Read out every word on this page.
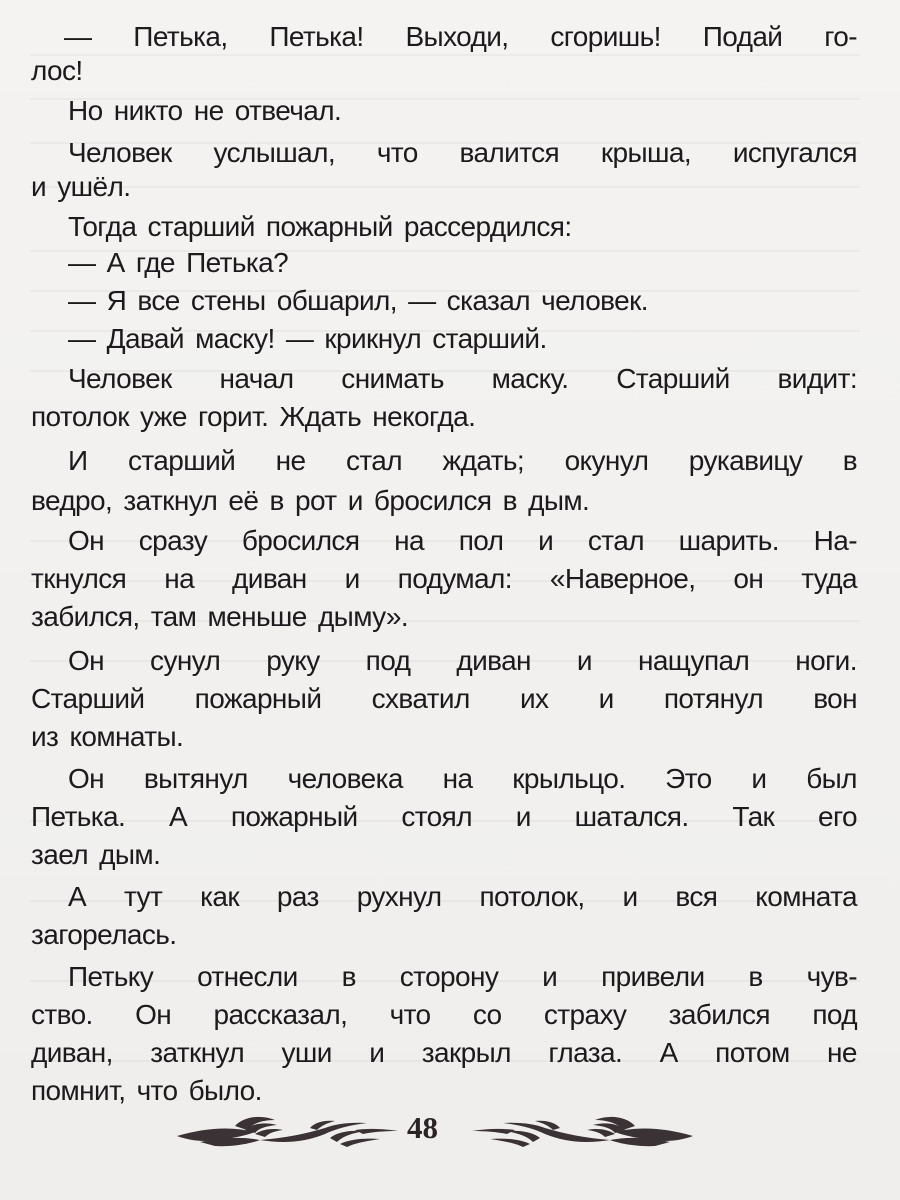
— Петька, Петька! Выходи, сгоришь! Подай го-
лос!
Но никто не отвечал.
Человек услышал, что валится крыша, испугался
и ушёл.
Тогда старший пожарный рассердился:
— А где Петька?
— Я все стены обшарил, — сказал человек.
— Давай маску! — крикнул старший.
Человек начал снимать маску. Старший видит:
потолок уже горит. Ждать некогда.
И старший не стал ждать; окунул рукавицу в
ведро, заткнул её в рот и бросился в дым.
Он сразу бросился на пол и стал шарить. На-
ткнулся на диван и подумал: «Наверное, он туда
забился, там меньше дыму».
Он сунул руку под диван и нащупал ноги.
Старший пожарный схватил их и потянул вон
из комнаты.
Он вытянул человека на крыльцо. Это и был
Петька. А пожарный стоял и шатался. Так его
заел дым.
А тут как раз рухнул потолок, и вся комната
загорелась.
Петьку отнесли в сторону и привели в чув-
ство. Он рассказал, что со страху забился под
диван, заткнул уши и закрыл глаза. А потом не
помнит, что было.
48
